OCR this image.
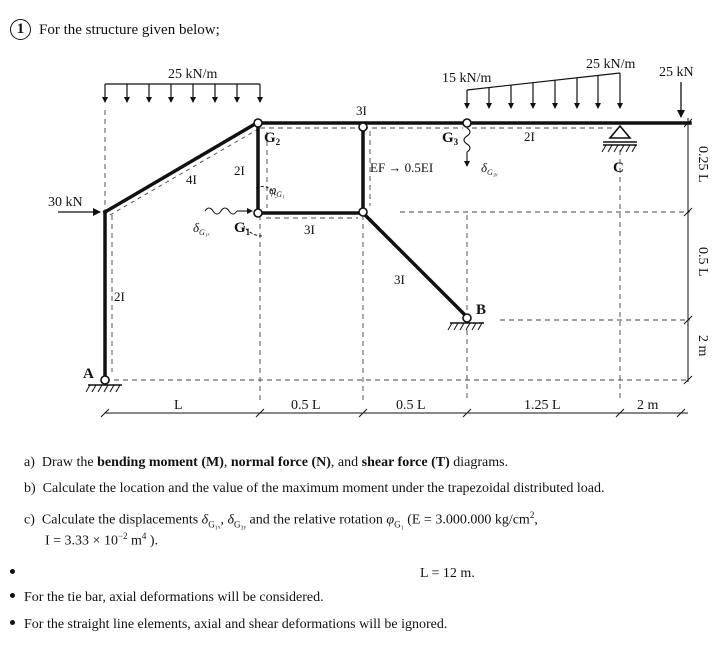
1 For the structure given below;
25 kN/m	15 kN/m
25 kN/m
25 kN
30 kN
3I
2I
4I
2I
3I
3I
2I
EF → 0.5EI
A
B
C
$G_2$
$G_1$
$G_3$
$\varphi_{G_1}$
$\delta_{G_{1x}}$
$\delta_{G_3ᵧ}$
L	0.5 L	0.5 L	1.25 L	2 m
0.25 L
0.5 L
2 m
a) Draw the bending moment (M), normal force (N), and shear force (T) diagrams.
b) Calculate the location and the value of the maximum moment under the trapezoidal distributed load.
c) Calculate the displacements $\delta_{G_{1x}}$, $\delta_{G_3ᵧ}$ and the relative rotation $\varphi_{G_1}$ (E = 3.000.000 $kg/cm^2$,
$I = 3.33 \times 10^{-2}$ $m^4$ ).
L = 12 m.
For the tie bar, axial deformations will be considered.
For the straight line elements, axial and shear deformations will be ignored.
